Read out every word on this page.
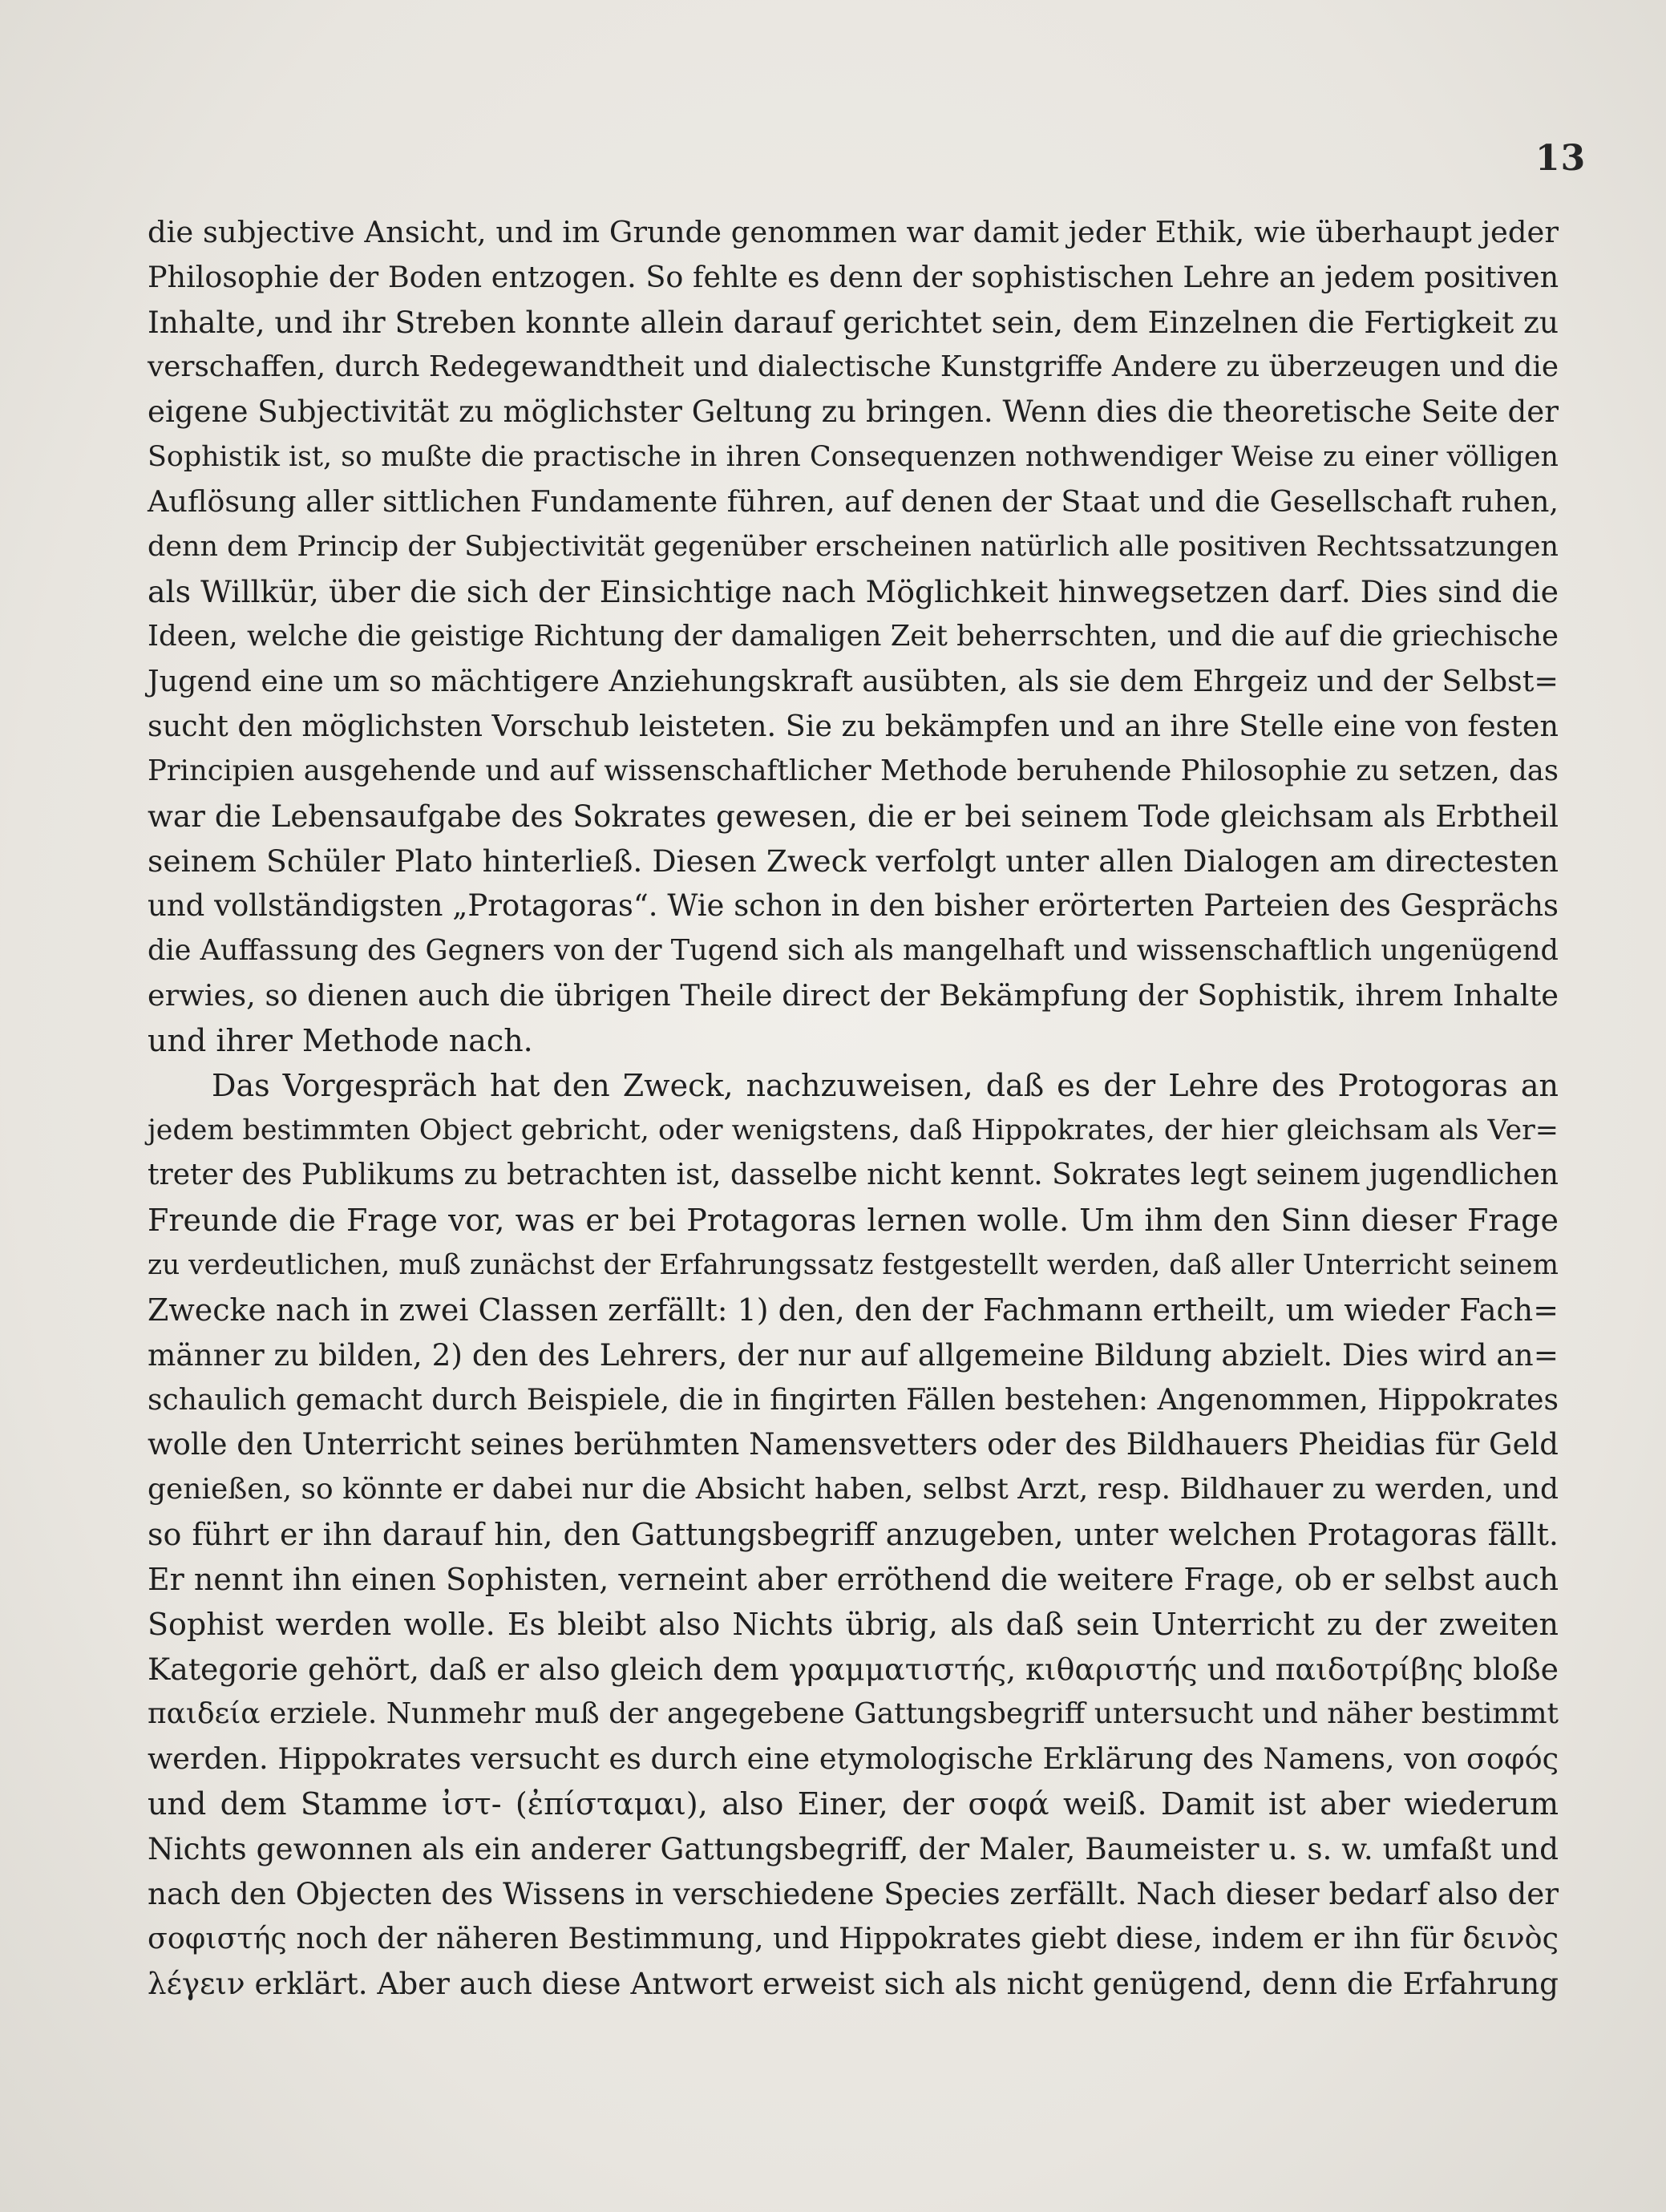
13
die subjective Ansicht, und im Grunde genommen war damit jeder Ethik, wie überhaupt jeder
Philosophie der Boden entzogen. So fehlte es denn der sophistischen Lehre an jedem positiven
Inhalte, und ihr Streben konnte allein darauf gerichtet sein, dem Einzelnen die Fertigkeit zu
verschaffen, durch Redegewandtheit und dialectische Kunstgriffe Andere zu überzeugen und die
eigene Subjectivität zu möglichster Geltung zu bringen. Wenn dies die theoretische Seite der
Sophistik ist, so mußte die practische in ihren Consequenzen nothwendiger Weise zu einer völligen
Auflösung aller sittlichen Fundamente führen, auf denen der Staat und die Gesellschaft ruhen,
denn dem Princip der Subjectivität gegenüber erscheinen natürlich alle positiven Rechtssatzungen
als Willkür, über die sich der Einsichtige nach Möglichkeit hinwegsetzen darf. Dies sind die
Ideen, welche die geistige Richtung der damaligen Zeit beherrschten, und die auf die griechische
Jugend eine um so mächtigere Anziehungskraft ausübten, als sie dem Ehrgeiz und der Selbst=
sucht den möglichsten Vorschub leisteten. Sie zu bekämpfen und an ihre Stelle eine von festen
Principien ausgehende und auf wissenschaftlicher Methode beruhende Philosophie zu setzen, das
war die Lebensaufgabe des Sokrates gewesen, die er bei seinem Tode gleichsam als Erbtheil
seinem Schüler Plato hinterließ. Diesen Zweck verfolgt unter allen Dialogen am directesten
und vollständigsten „Protagoras“. Wie schon in den bisher erörterten Parteien des Gesprächs
die Auffassung des Gegners von der Tugend sich als mangelhaft und wissenschaftlich ungenügend
erwies, so dienen auch die übrigen Theile direct der Bekämpfung der Sophistik, ihrem Inhalte
und ihrer Methode nach.
Das Vorgespräch hat den Zweck, nachzuweisen, daß es der Lehre des Protogoras an
jedem bestimmten Object gebricht, oder wenigstens, daß Hippokrates, der hier gleichsam als Ver=
treter des Publikums zu betrachten ist, dasselbe nicht kennt. Sokrates legt seinem jugendlichen
Freunde die Frage vor, was er bei Protagoras lernen wolle. Um ihm den Sinn dieser Frage
zu verdeutlichen, muß zunächst der Erfahrungssatz festgestellt werden, daß aller Unterricht seinem
Zwecke nach in zwei Classen zerfällt: 1) den, den der Fachmann ertheilt, um wieder Fach=
männer zu bilden, 2) den des Lehrers, der nur auf allgemeine Bildung abzielt. Dies wird an=
schaulich gemacht durch Beispiele, die in fingirten Fällen bestehen: Angenommen, Hippokrates
wolle den Unterricht seines berühmten Namensvetters oder des Bildhauers Pheidias für Geld
genießen, so könnte er dabei nur die Absicht haben, selbst Arzt, resp. Bildhauer zu werden, und
so führt er ihn darauf hin, den Gattungsbegriff anzugeben, unter welchen Protagoras fällt.
Er nennt ihn einen Sophisten, verneint aber erröthend die weitere Frage, ob er selbst auch
Sophist werden wolle. Es bleibt also Nichts übrig, als daß sein Unterricht zu der zweiten
Kategorie gehört, daß er also gleich dem γραμματιστής, κιθαριστής und παιδοτρίβης bloße
παιδεία erziele. Nunmehr muß der angegebene Gattungsbegriff untersucht und näher bestimmt
werden. Hippokrates versucht es durch eine etymologische Erklärung des Namens, von σοφός
und dem Stamme ἰστ- (ἐπίσταμαι), also Einer, der σοφά weiß. Damit ist aber wiederum
Nichts gewonnen als ein anderer Gattungsbegriff, der Maler, Baumeister u. s. w. umfaßt und
nach den Objecten des Wissens in verschiedene Species zerfällt. Nach dieser bedarf also der
σοφιστής noch der näheren Bestimmung, und Hippokrates giebt diese, indem er ihn für δεινὸς
λέγειν erklärt. Aber auch diese Antwort erweist sich als nicht genügend, denn die Erfahrung
